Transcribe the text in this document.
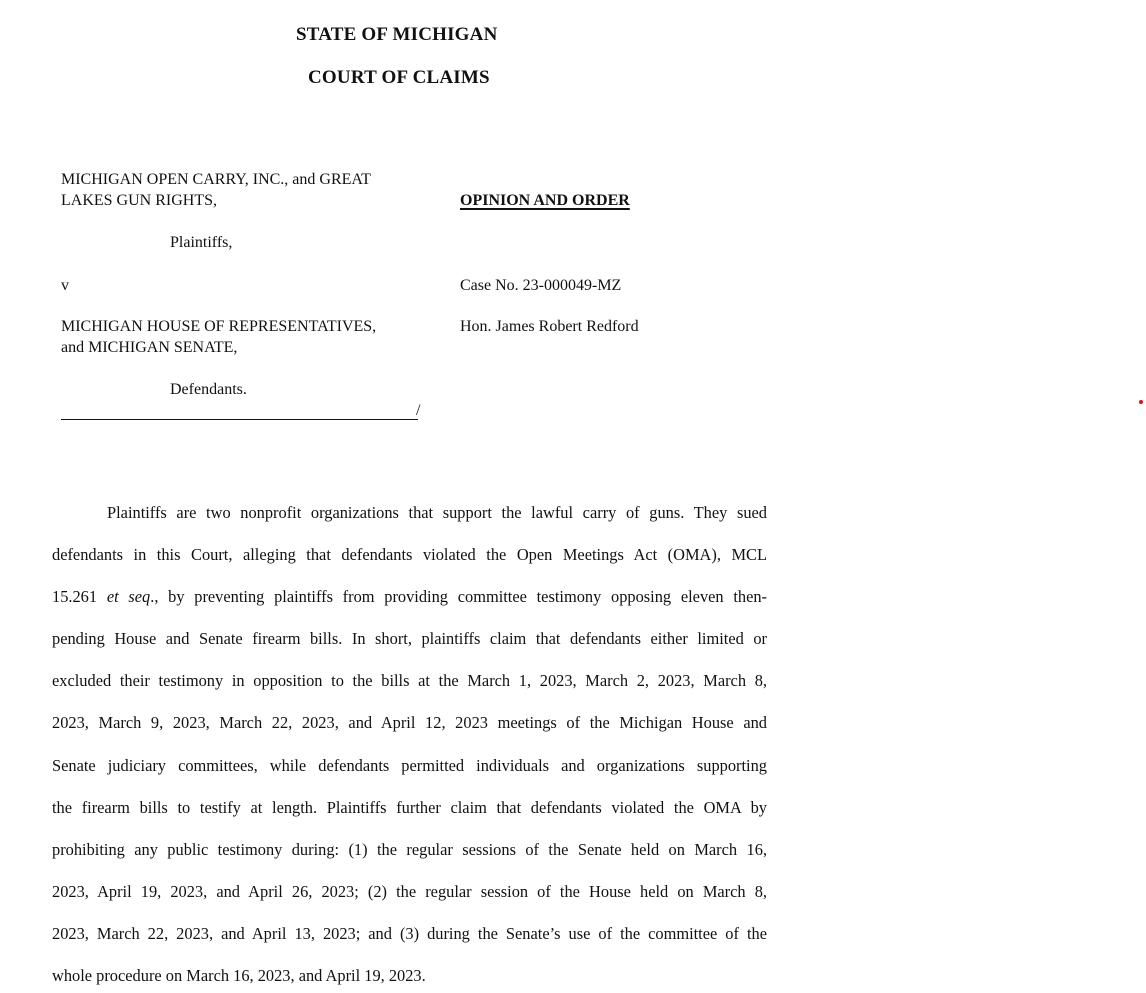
STATE OF MICHIGAN
COURT OF CLAIMS
MICHIGAN OPEN CARRY, INC., and GREAT
LAKES GUN RIGHTS,
Plaintiffs,
v
MICHIGAN HOUSE OF REPRESENTATIVES,
and MICHIGAN SENATE,
Defendants.
/
OPINION AND ORDER
Case No. 23-000049-MZ
Hon. James Robert Redford
Plaintiffs are two nonprofit organizations that support the lawful carry of guns. They sued
defendants in this Court, alleging that defendants violated the Open Meetings Act (OMA), MCL
15.261 et seq., by preventing plaintiffs from providing committee testimony opposing eleven then-
pending House and Senate firearm bills. In short, plaintiffs claim that defendants either limited or
excluded their testimony in opposition to the bills at the March 1, 2023, March 2, 2023, March 8,
2023, March 9, 2023, March 22, 2023, and April 12, 2023 meetings of the Michigan House and
Senate judiciary committees, while defendants permitted individuals and organizations supporting
the firearm bills to testify at length. Plaintiffs further claim that defendants violated the OMA by
prohibiting any public testimony during: (1) the regular sessions of the Senate held on March 16,
2023, April 19, 2023, and April 26, 2023; (2) the regular session of the House held on March 8,
2023, March 22, 2023, and April 13, 2023; and (3) during the Senate’s use of the committee of the
whole procedure on March 16, 2023, and April 19, 2023.
